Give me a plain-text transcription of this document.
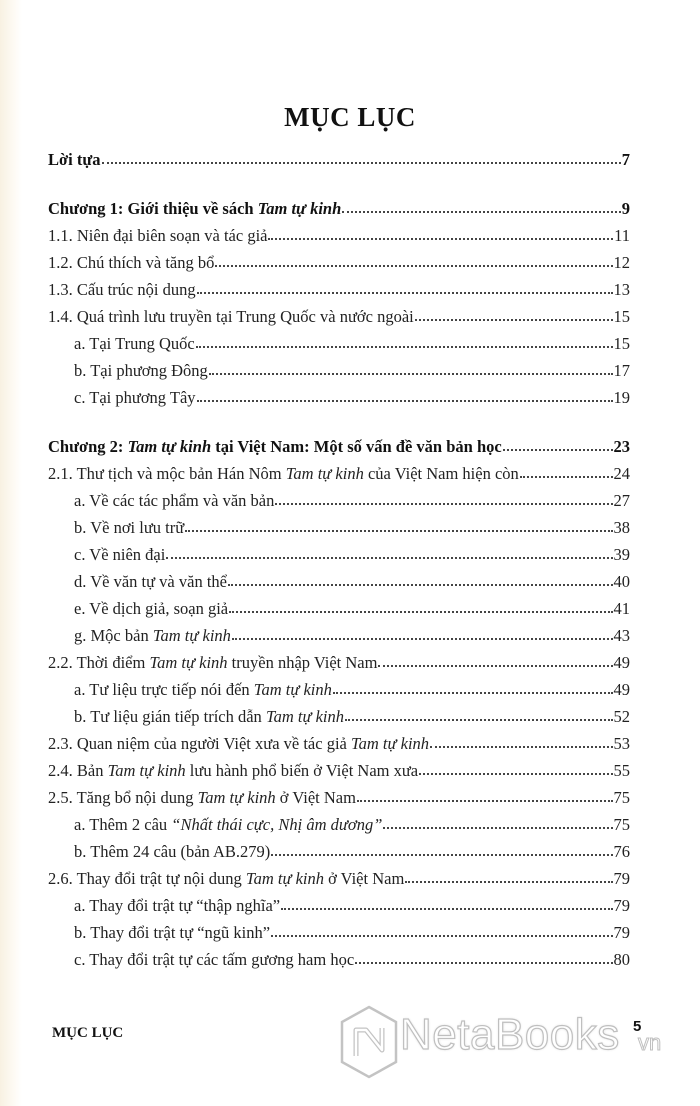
MỤC LỤC
Lời tựa	7
Chương 1: Giới thiệu về sách Tam tự kinh	9
1.1. Niên đại biên soạn và tác giả	11
1.2. Chú thích và tăng bổ	12
1.3. Cấu trúc nội dung	13
1.4. Quá trình lưu truyền tại Trung Quốc và nước ngoài	15
a. Tại Trung Quốc	15
b. Tại phương Đông	17
c. Tại phương Tây	19
Chương 2: Tam tự kinh tại Việt Nam: Một số vấn đề văn bản học	23
2.1. Thư tịch và mộc bản Hán Nôm Tam tự kinh của Việt Nam hiện còn	24
a. Về các tác phẩm và văn bản	27
b. Về nơi lưu trữ	38
c. Về niên đại	39
d. Về văn tự và văn thể	40
e. Về dịch giả, soạn giả	41
g. Mộc bản Tam tự kinh	43
2.2. Thời điểm Tam tự kinh truyền nhập Việt Nam	49
a. Tư liệu trực tiếp nói đến Tam tự kinh	49
b. Tư liệu gián tiếp trích dẫn Tam tự kinh	52
2.3. Quan niệm của người Việt xưa về tác giả Tam tự kinh	53
2.4. Bản Tam tự kinh lưu hành phổ biến ở Việt Nam xưa	55
2.5. Tăng bổ nội dung Tam tự kinh ở Việt Nam	75
a. Thêm 2 câu “Nhất thái cực, Nhị âm dương”	75
b. Thêm 24 câu (bản AB.279)	76
2.6. Thay đổi trật tự nội dung Tam tự kinh ở Việt Nam	79
a. Thay đổi trật tự “thập nghĩa”	79
b. Thay đổi trật tự “ngũ kinh”	79
c. Thay đổi trật tự các tấm gương ham học	80
NetaBooks vn
MỤC LỤC	5
